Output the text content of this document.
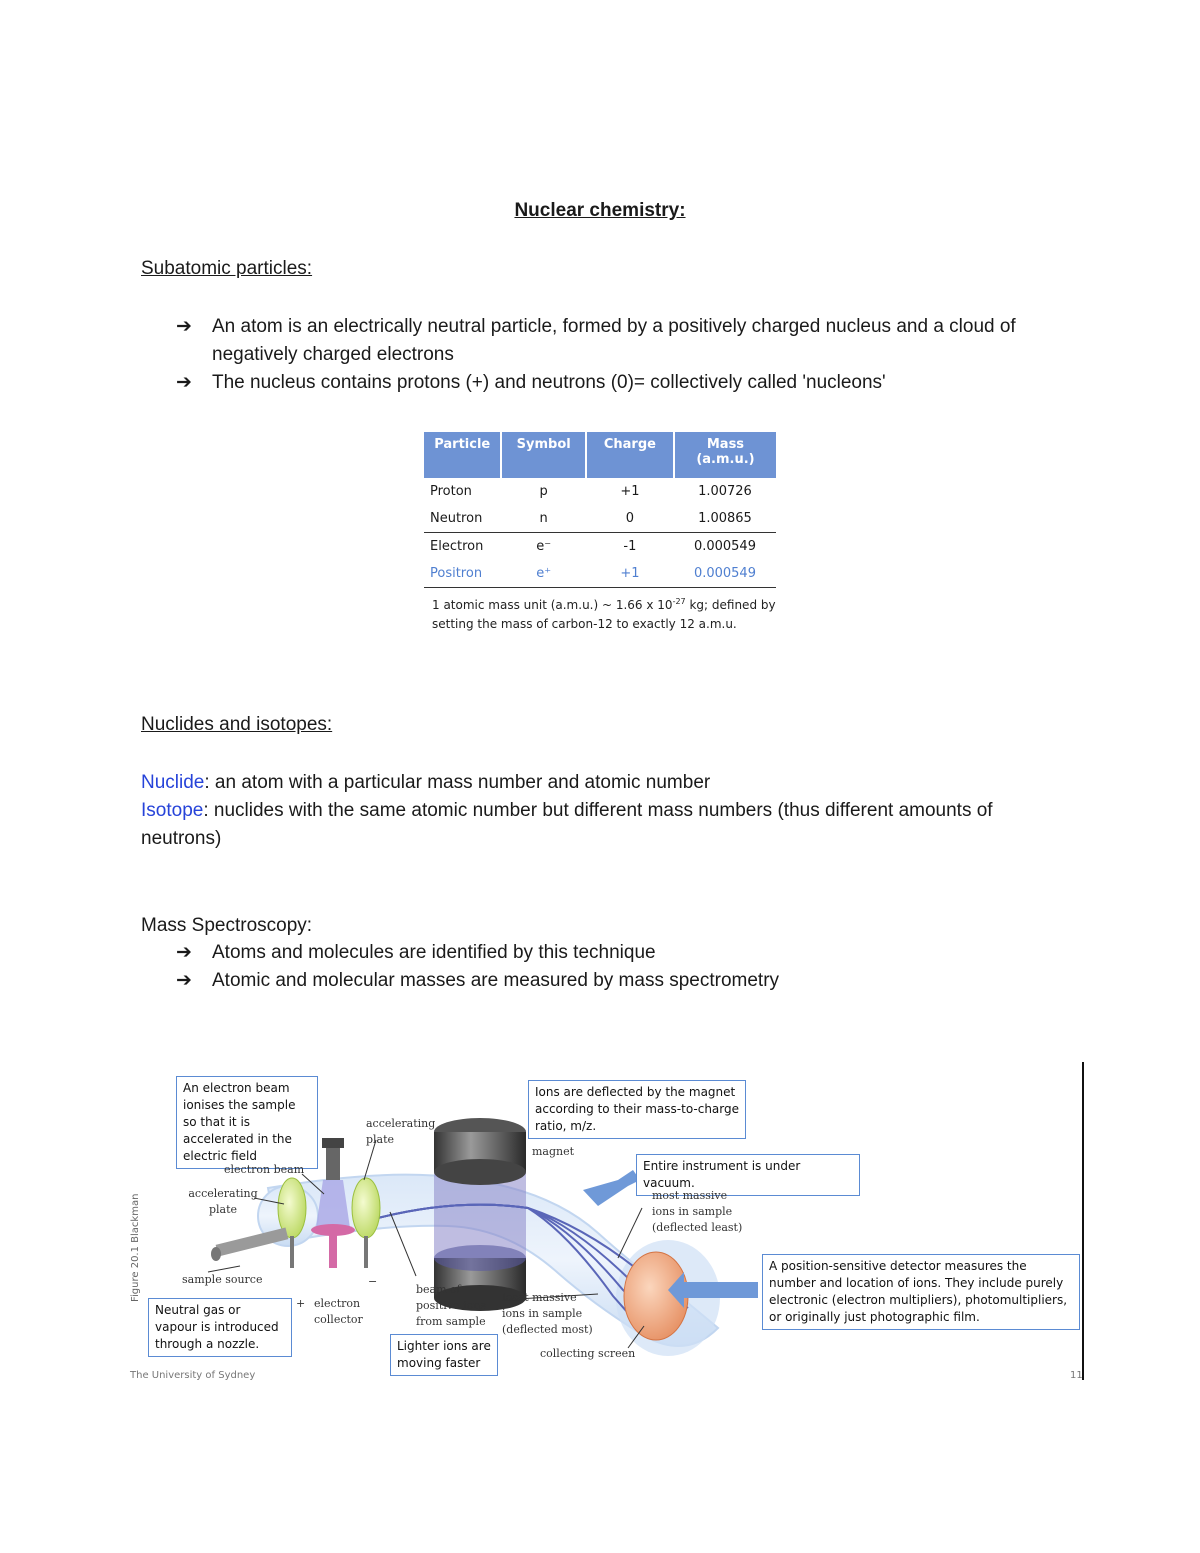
Nuclear chemistry:
Subatomic particles:
➔ An atom is an electrically neutral particle, formed by a positively charged nucleus and a cloud of negatively charged electrons
➔ The nucleus contains protons (+) and neutrons (0)= collectively called 'nucleons'
Particle	Symbol	Charge	Mass (a.m.u.)
Proton	p	+1	1.00726
Neutron	n	0	1.00865
Electron	e⁻	-1	0.000549
Positron	e⁺	+1	0.000549
1 atomic mass unit (a.m.u.) ~ 1.66 x $10^{-27}$ kg; defined by setting the mass of carbon-12 to exactly 12 a.m.u.
Nuclides and isotopes:
Nuclide: an atom with a particular mass number and atomic number
Isotope: nuclides with the same atomic number but different mass numbers (thus different amounts of neutrons)
Mass Spectroscopy:
➔ Atoms and molecules are identified by this technique
➔ Atomic and molecular masses are measured by mass spectrometry
An electron beam ionises the sample so that it is accelerated in the electric field
Ions are deflected by the magnet according to their mass-to-charge ratio, m/z.
Entire instrument is under vacuum.
A position-sensitive detector measures the number and location of ions. They include purely electronic (electron multipliers), photomultipliers, or originally just photographic film.
Neutral gas or vapour is introduced through a nozzle.	Lighter ions are moving faster
accelerating plate
electron beam
accelerating plate
sample source
+
−
electron collector
beam of positive ions from sample
magnet
most massive ions in sample (deflected least)
least massive ions in sample (deflected most)
collecting screen
Figure 20.1 Blackman
The University of Sydney	11
